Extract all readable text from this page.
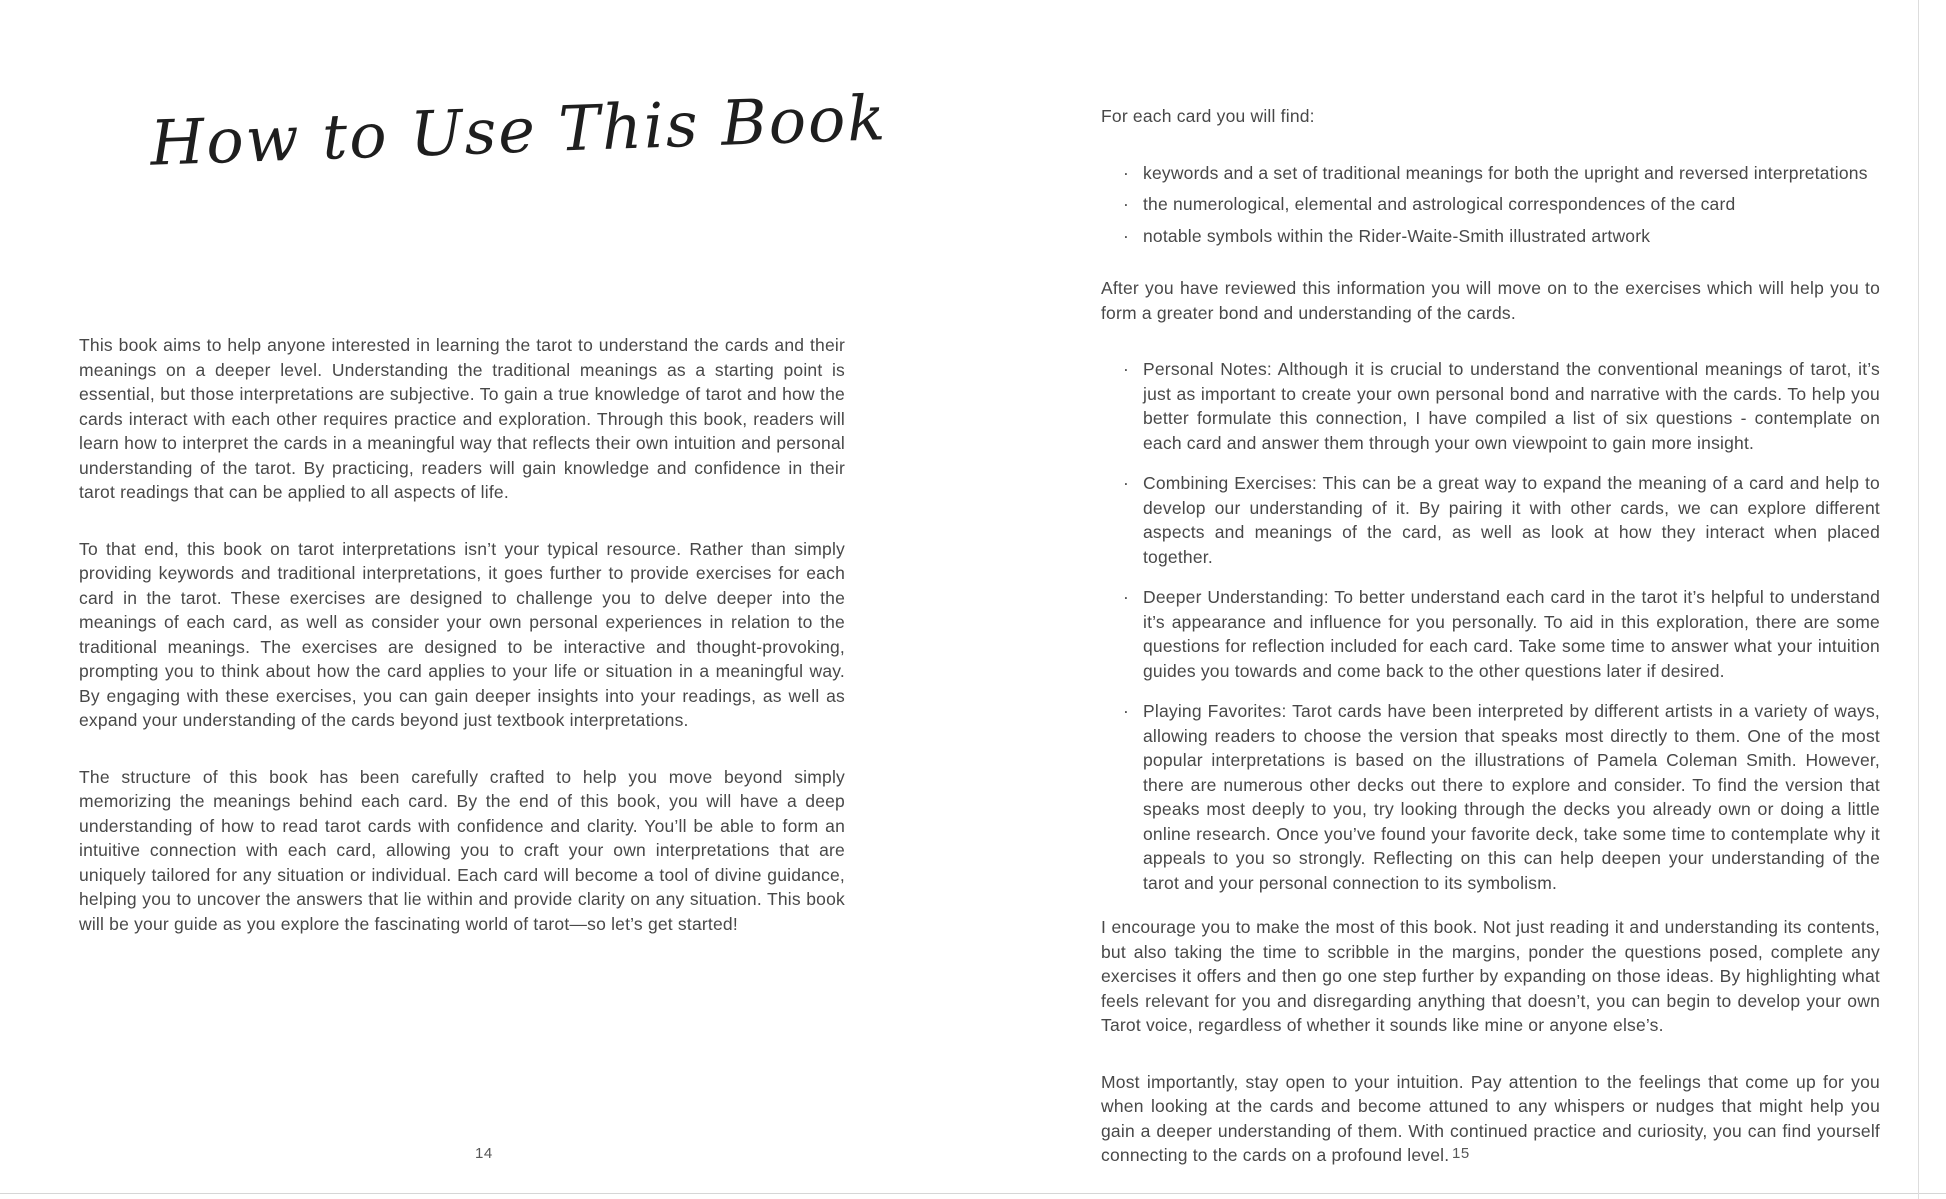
How to Use This Book

This book aims to help anyone interested in learning the tarot to understand the cards and their meanings on a deeper level. Understanding the traditional meanings as a starting point is essential, but those interpretations are subjective. To gain a true knowledge of tarot and how the cards interact with each other requires practice and exploration. Through this book, readers will learn how to interpret the cards in a meaningful way that reflects their own intuition and personal understanding of the tarot. By practicing, readers will gain knowledge and confidence in their tarot readings that can be applied to all aspects of life.

To that end, this book on tarot interpretations isn’t your typical resource. Rather than simply providing keywords and traditional interpretations, it goes further to provide exercises for each card in the tarot. These exercises are designed to challenge you to delve deeper into the meanings of each card, as well as consider your own personal experiences in relation to the traditional meanings. The exercises are designed to be interactive and thought-provoking, prompting you to think about how the card applies to your life or situation in a meaningful way. By engaging with these exercises, you can gain deeper insights into your readings, as well as expand your understanding of the cards beyond just textbook interpretations.

The structure of this book has been carefully crafted to help you move beyond simply memorizing the meanings behind each card. By the end of this book, you will have a deep understanding of how to read tarot cards with confidence and clarity. You’ll be able to form an intuitive connection with each card, allowing you to craft your own interpretations that are uniquely tailored for any situation or individual. Each card will become a tool of divine guidance, helping you to uncover the answers that lie within and provide clarity on any situation. This book will be your guide as you explore the fascinating world of tarot—so let’s get started!

14

For each card you will find:

· keywords and a set of traditional meanings for both the upright and reversed interpretations
· the numerological, elemental and astrological correspondences of the card
· notable symbols within the Rider-Waite-Smith illustrated artwork

After you have reviewed this information you will move on to the exercises which will help you to form a greater bond and understanding of the cards.

· Personal Notes: Although it is crucial to understand the conventional meanings of tarot, it’s just as important to create your own personal bond and narrative with the cards. To help you better formulate this connection, I have compiled a list of six questions - contemplate on each card and answer them through your own viewpoint to gain more insight.
· Combining Exercises: This can be a great way to expand the meaning of a card and help to develop our understanding of it. By pairing it with other cards, we can explore different aspects and meanings of the card, as well as look at how they interact when placed together.
· Deeper Understanding: To better understand each card in the tarot it’s helpful to understand it’s appearance and influence for you personally. To aid in this exploration, there are some questions for reflection included for each card. Take some time to answer what your intuition guides you towards and come back to the other questions later if desired.
· Playing Favorites: Tarot cards have been interpreted by different artists in a variety of ways, allowing readers to choose the version that speaks most directly to them. One of the most popular interpretations is based on the illustrations of Pamela Coleman Smith. However, there are numerous other decks out there to explore and consider. To find the version that speaks most deeply to you, try looking through the decks you already own or doing a little online research. Once you’ve found your favorite deck, take some time to contemplate why it appeals to you so strongly. Reflecting on this can help deepen your understanding of the tarot and your personal connection to its symbolism.

I encourage you to make the most of this book. Not just reading it and understanding its contents, but also taking the time to scribble in the margins, ponder the questions posed, complete any exercises it offers and then go one step further by expanding on those ideas. By highlighting what feels relevant for you and disregarding anything that doesn’t, you can begin to develop your own Tarot voice, regardless of whether it sounds like mine or anyone else’s.

Most importantly, stay open to your intuition. Pay attention to the feelings that come up for you when looking at the cards and become attuned to any whispers or nudges that might help you gain a deeper understanding of them. With continued practice and curiosity, you can find yourself connecting to the cards on a profound level. 15
